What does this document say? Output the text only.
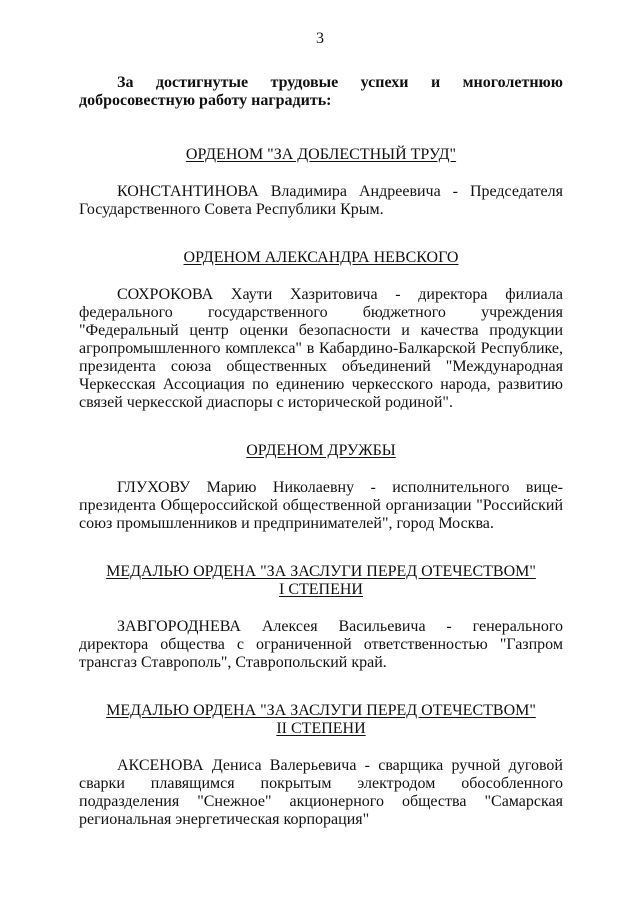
3

За достигнутые трудовые успехи и многолетнюю добросовестную работу наградить:

ОРДЕНОМ "ЗА ДОБЛЕСТНЫЙ ТРУД"

КОНСТАНТИНОВА Владимира Андреевича - Председателя Государственного Совета Республики Крым.

ОРДЕНОМ АЛЕКСАНДРА НЕВСКОГО

СОХРОКОВА Хаути Хазритовича - директора филиала федерального государственного бюджетного учреждения "Федеральный центр оценки безопасности и качества продукции агропромышленного комплекса" в Кабардино-Балкарской Республике, президента союза общественных объединений "Международная Черкесская Ассоциация по единению черкесского народа, развитию связей черкесской диаспоры с исторической родиной".

ОРДЕНОМ ДРУЖБЫ

ГЛУХОВУ Марию Николаевну - исполнительного вице-президента Общероссийской общественной организации "Российский союз промышленников и предпринимателей", город Москва.

МЕДАЛЬЮ ОРДЕНА "ЗА ЗАСЛУГИ ПЕРЕД ОТЕЧЕСТВОМ"
I СТЕПЕНИ

ЗАВГОРОДНЕВА Алексея Васильевича - генерального директора общества с ограниченной ответственностью "Газпром трансгаз Ставрополь", Ставропольский край.

МЕДАЛЬЮ ОРДЕНА "ЗА ЗАСЛУГИ ПЕРЕД ОТЕЧЕСТВОМ"
II СТЕПЕНИ

АКСЕНОВА Дениса Валерьевича - сварщика ручной дуговой сварки плавящимся покрытым электродом обособленного подразделения "Снежное" акционерного общества "Самарская региональная энергетическая корпорация"
